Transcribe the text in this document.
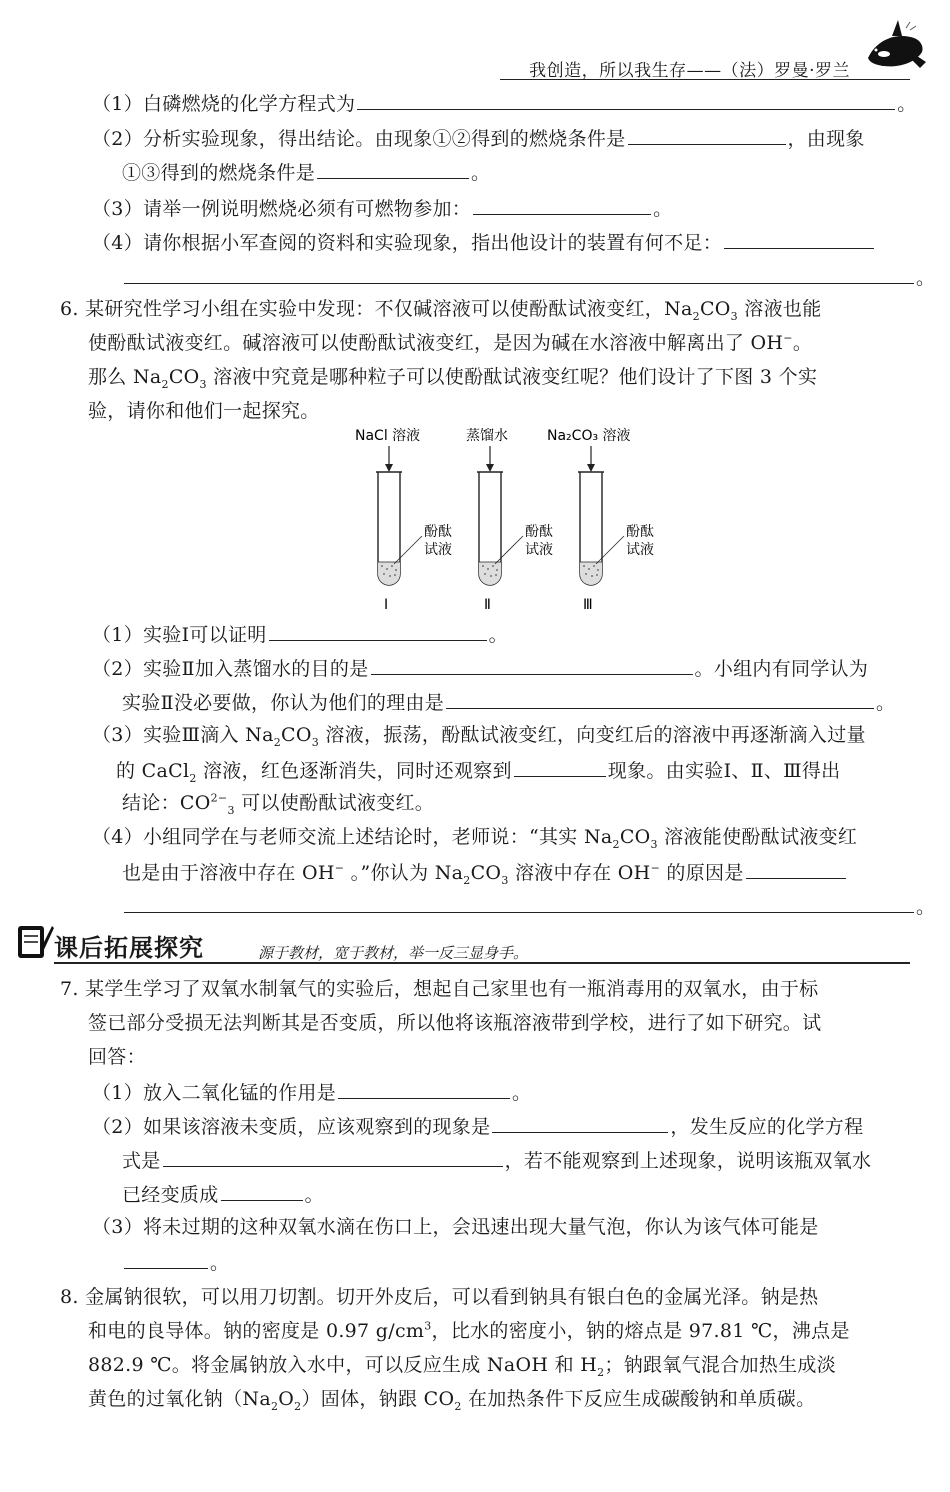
我创造，所以我生存——（法）罗曼·罗兰
（1）白磷燃烧的化学方程式为	。
（2）分析实验现象，得出结论。由现象①②得到的燃烧条件是	，由现象
①③得到的燃烧条件是	。
（3）请举一例说明燃烧必须有可燃物参加：	。
（4）请你根据小军查阅的资料和实验现象，指出他设计的装置有何不足：
。
6. 某研究性学习小组在实验中发现：不仅碱溶液可以使酚酞试液变红，$Na_2CO_3$ 溶液也能
使酚酞试液变红。碱溶液可以使酚酞试液变红，是因为碱在水溶液中解离出了 OH−。
那么 $Na_2CO_3$ 溶液中究竟是哪种粒子可以使酚酞试液变红呢？他们设计了下图 3 个实
验，请你和他们一起探究。
NaCl 溶液
酚酞
试液
Ⅰ
蒸馏水
酚酞
试液
Ⅱ
Na₂CO₃ 溶液
酚酞
试液
Ⅲ
（1）实验Ⅰ可以证明	。
（2）实验Ⅱ加入蒸馏水的目的是	。小组内有同学认为
实验Ⅱ没必要做，你认为他们的理由是	。
（3）实验Ⅲ滴入 $Na_2CO_3$ 溶液，振荡，酚酞试液变红，向变红后的溶液中再逐渐滴入过量
的 CaCl$_2$ 溶液，红色逐渐消失，同时还观察到	现象。由实验Ⅰ、Ⅱ、Ⅲ得出
结论：$CO^{2-}_3$ 可以使酚酞试液变红。
（4）小组同学在与老师交流上述结论时，老师说：“其实 $Na_2CO_3$ 溶液能使酚酞试液变红
也是由于溶液中存在 OH− 。”你认为 $Na_2CO_3$ 溶液中存在 OH− 的原因是
。
课后拓展探究	源于教材，宽于教材，举一反三显身手。
7. 某学生学习了双氧水制氧气的实验后，想起自己家里也有一瓶消毒用的双氧水，由于标
签已部分受损无法判断其是否变质，所以他将该瓶溶液带到学校，进行了如下研究。试
回答：
（1）放入二氧化锰的作用是	。
（2）如果该溶液未变质，应该观察到的现象是	，发生反应的化学方程
式是	，若不能观察到上述现象，说明该瓶双氧水
已经变质成	。
（3）将未过期的这种双氧水滴在伤口上，会迅速出现大量气泡，你认为该气体可能是
。
8. 金属钠很软，可以用刀切割。切开外皮后，可以看到钠具有银白色的金属光泽。钠是热
和电的良导体。钠的密度是 0.97 $g/cm^3$，比水的密度小，钠的熔点是 97.81 ℃，沸点是
882.9 ℃。将金属钠放入水中，可以反应生成 NaOH 和 $H_2$；钠跟氧气混合加热生成淡
黄色的过氧化钠$(Na_2O_2)$固体，钠跟 $CO_2$ 在加热条件下反应生成碳酸钠和单质碳。
